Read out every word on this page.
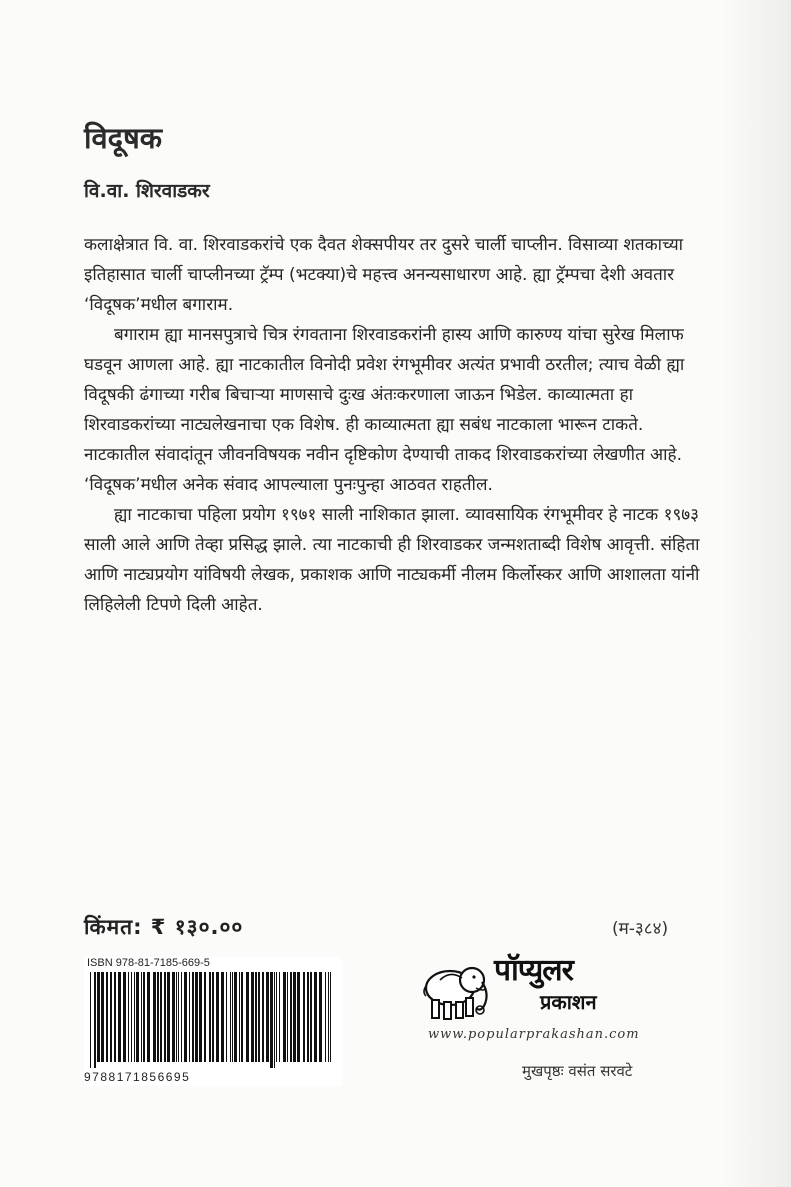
विदूषक
वि.वा. शिरवाडकर

कलाक्षेत्रात वि. वा. शिरवाडकरांचे एक दैवत शेक्सपीयर तर दुसरे चार्ली चाप्लीन. विसाव्या शतकाच्या इतिहासात चार्ली चाप्लीनच्या ट्रॅम्प (भटक्या)चे महत्त्व अनन्यसाधारण आहे. ह्या ट्रॅम्पचा देशी अवतार ‘विदूषक’मधील बगाराम.

बगाराम ह्या मानसपुत्राचे चित्र रंगवताना शिरवाडकरांनी हास्य आणि कारुण्य यांचा सुरेख मिलाफ घडवून आणला आहे. ह्या नाटकातील विनोदी प्रवेश रंगभूमीवर अत्यंत प्रभावी ठरतील; त्याच वेळी ह्या विदूषकी ढंगाच्या गरीब बिचाऱ्या माणसाचे दुःख अंतःकरणाला जाऊन भिडेल. काव्यात्मता हा शिरवाडकरांच्या नाट्यलेखनाचा एक विशेष. ही काव्यात्मता ह्या सबंध नाटकाला भारून टाकते. नाटकातील संवादांतून जीवनविषयक नवीन दृष्टिकोण देण्याची ताकद शिरवाडकरांच्या लेखणीत आहे. ‘विदूषक’मधील अनेक संवाद आपल्याला पुनःपुन्हा आठवत राहतील.

ह्या नाटकाचा पहिला प्रयोग १९७१ साली नाशिकात झाला. व्यावसायिक रंगभूमीवर हे नाटक १९७३ साली आले आणि तेव्हा प्रसिद्ध झाले. त्या नाटकाची ही शिरवाडकर जन्मशताब्दी विशेष आवृत्ती. संहिता आणि नाट्यप्रयोग यांविषयी लेखक, प्रकाशक आणि नाट्यकर्मी नीलम किर्लोस्कर आणि आशालता यांनी लिहिलेली टिपणे दिली आहेत.

किंमत: ₹ १३०.००	(म-३८४)
ISBN 978-81-7185-669-5
9788171856695
पॉप्युलर
प्रकाशन
www.popularprakashan.com
मुखपृष्ठः वसंत सरवटे
